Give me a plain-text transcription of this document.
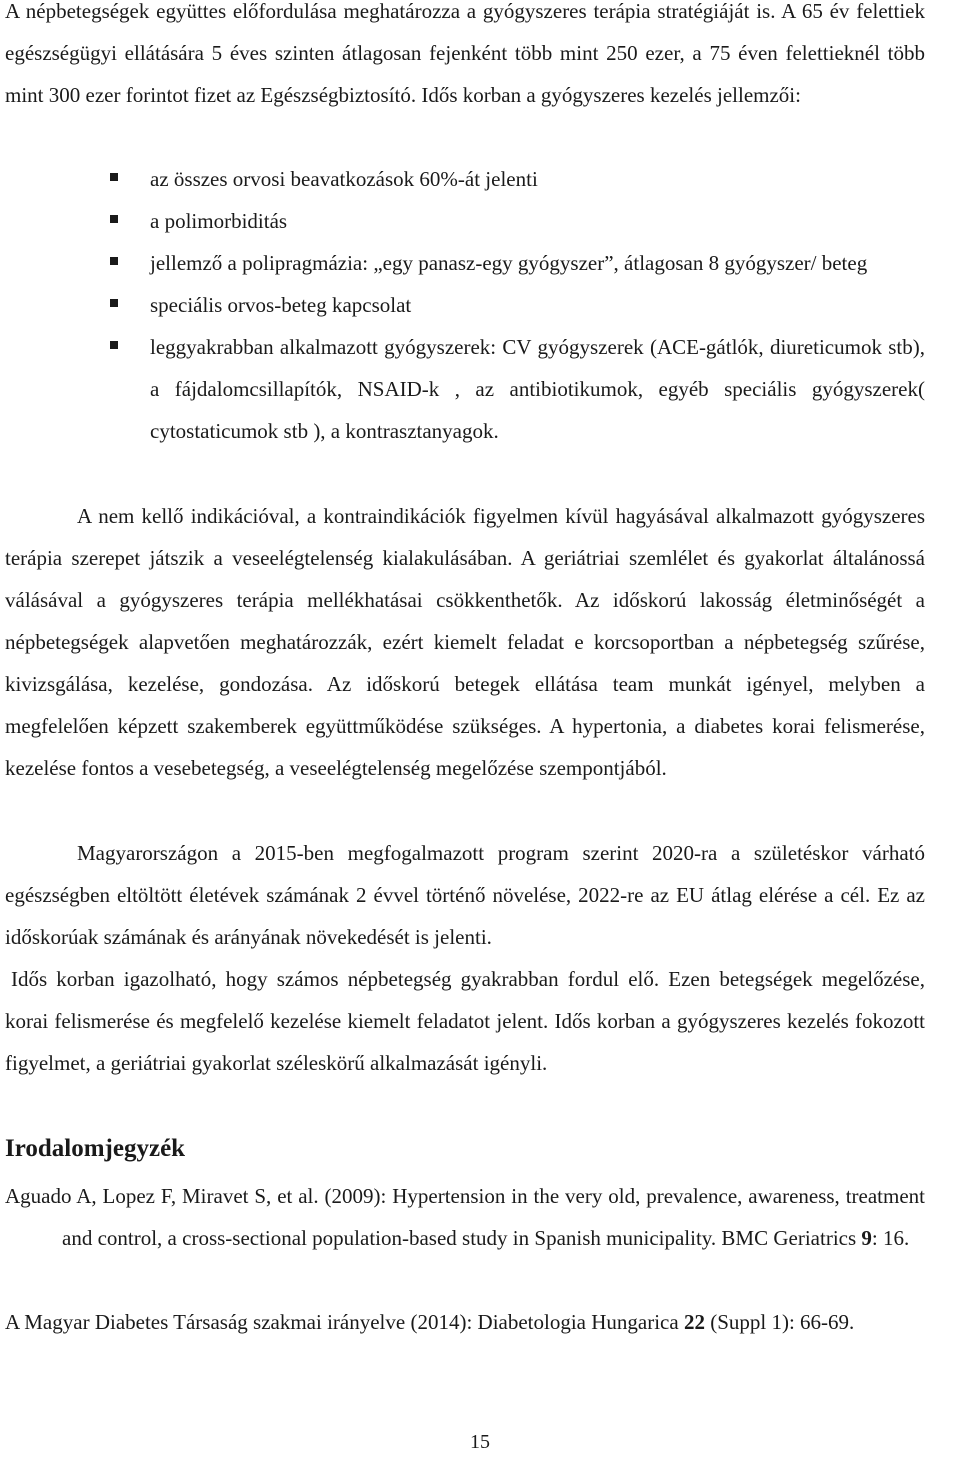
A népbetegségek együttes előfordulása meghatározza a gyógyszeres terápia stratégiáját is. A 65 év felettiek egészségügyi ellátására 5 éves szinten átlagosan fejenként több mint 250 ezer, a 75 éven felettieknél több mint 300 ezer forintot fizet az Egészségbiztosító. Idős korban a gyógyszeres kezelés jellemzői:

az összes orvosi beavatkozások 60%-át jelenti
a polimorbiditás
jellemző a polipragmázia: „egy panasz-egy gyógyszer”, átlagosan 8 gyógyszer/ beteg
speciális orvos-beteg kapcsolat
leggyakrabban alkalmazott gyógyszerek: CV gyógyszerek (ACE-gátlók, diureticumok stb), a fájdalomcsillapítók, NSAID-k , az antibiotikumok, egyéb speciális gyógyszerek( cytostaticumok stb ), a kontrasztanyagok.

A nem kellő indikációval, a kontraindikációk figyelmen kívül hagyásával alkalmazott gyógyszeres terápia szerepet játszik a veseelégtelenség kialakulásában. A geriátriai szemlélet és gyakorlat általánossá válásával a gyógyszeres terápia mellékhatásai csökkenthetők. Az időskorú lakosság életminőségét a népbetegségek alapvetően meghatározzák, ezért kiemelt feladat e korcsoportban a népbetegség szűrése, kivizsgálása, kezelése, gondozása. Az időskorú betegek ellátása team munkát igényel, melyben a megfelelően képzett szakemberek együttműködése szükséges. A hypertonia, a diabetes korai felismerése, kezelése fontos a vesebetegség, a veseelégtelenség megelőzése szempontjából.

Magyarországon a 2015-ben megfogalmazott program szerint 2020-ra a születéskor várható egészségben eltöltött életévek számának 2 évvel történő növelése, 2022-re az EU átlag elérése a cél. Ez az időskorúak számának és arányának növekedését is jelenti.

Idős korban igazolható, hogy számos népbetegség gyakrabban fordul elő. Ezen betegségek megelőzése, korai felismerése és megfelelő kezelése kiemelt feladatot jelent. Idős korban a gyógyszeres kezelés fokozott figyelmet, a geriátriai gyakorlat széleskörű alkalmazását igényli.

Irodalomjegyzék

Aguado A, Lopez F, Miravet S, et al. (2009): Hypertension in the very old, prevalence, awareness, treatment and control, a cross-sectional population-based study in Spanish municipality. BMC Geriatrics 9: 16.

A Magyar Diabetes Társaság szakmai irányelve (2014): Diabetologia Hungarica 22 (Suppl 1): 66-69.

15
